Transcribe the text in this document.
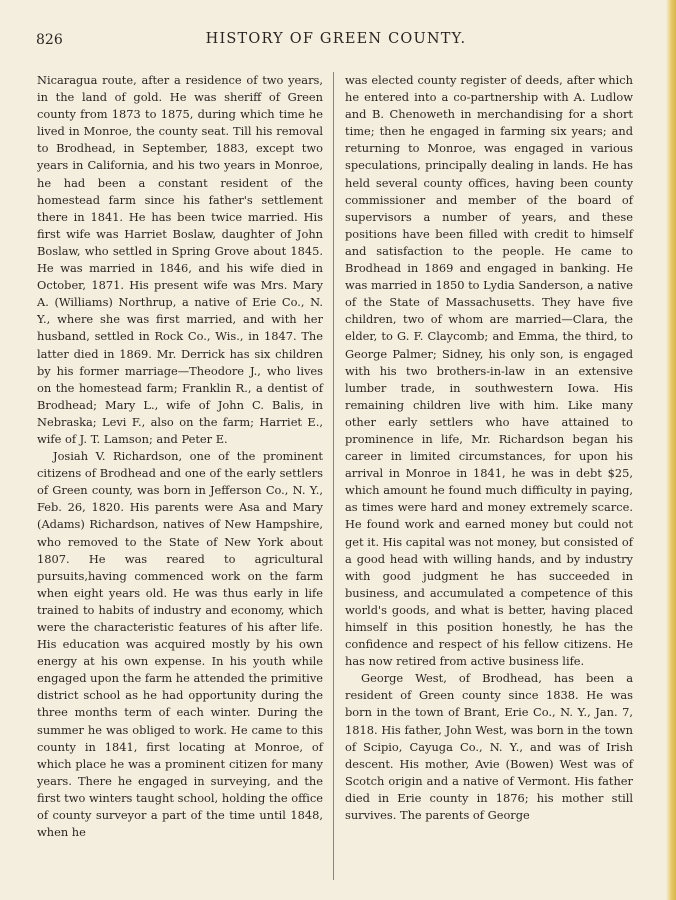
826	HISTORY OF GREEN COUNTY.

Nicaragua route, after a residence of two years, in the land of gold. He was sheriff of Green county from 1873 to 1875, during which time he lived in Monroe, the county seat. Till his removal to Brodhead, in September, 1883, except two years in California, and his two years in Monroe, he had been a constant resident of the homestead farm since his father's settlement there in 1841. He has been twice married. His first wife was Harriet Boslaw, daughter of John Boslaw, who settled in Spring Grove about 1845. He was married in 1846, and his wife died in October, 1871. His present wife was Mrs. Mary A. (Williams) Northrup, a native of Erie Co., N. Y., where she was first married, and with her husband, settled in Rock Co., Wis., in 1847. The latter died in 1869. Mr. Derrick has six children by his former marriage—Theodore J., who lives on the homestead farm; Franklin R., a dentist of Brodhead; Mary L., wife of John C. Balis, in Nebraska; Levi F., also on the farm; Harriet E., wife of J. T. Lamson; and Peter E.

Josiah V. Richardson, one of the prominent citizens of Brodhead and one of the early settlers of Green county, was born in Jefferson Co., N. Y., Feb. 26, 1820. His parents were Asa and Mary (Adams) Richardson, natives of New Hampshire, who removed to the State of New York about 1807. He was reared to agricultural pursuits,having commenced work on the farm when eight years old. He was thus early in life trained to habits of industry and economy, which were the characteristic features of his after life. His education was acquired mostly by his own energy at his own expense. In his youth while engaged upon the farm he attended the primitive district school as he had opportunity during the three months term of each winter. During the summer he was obliged to work. He came to this county in 1841, first locating at Monroe, of which place he was a prominent citizen for many years. There he engaged in surveying, and the first two winters taught school, holding the office of county surveyor a part of the time until 1848, when he

was elected county register of deeds, after which he entered into a co-partnership with A. Ludlow and B. Chenoweth in merchandising for a short time; then he engaged in farming six years; and returning to Monroe, was engaged in various speculations, principally dealing in lands. He has held several county offices, having been county commissioner and member of the board of supervisors a number of years, and these positions have been filled with credit to himself and satisfaction to the people. He came to Brodhead in 1869 and engaged in banking. He was married in 1850 to Lydia Sanderson, a native of the State of Massachusetts. They have five children, two of whom are married—Clara, the elder, to G. F. Claycomb; and Emma, the third, to George Palmer; Sidney, his only son, is engaged with his two brothers-in-law in an extensive lumber trade, in southwestern Iowa. His remaining children live with him. Like many other early settlers who have attained to prominence in life, Mr. Richardson began his career in limited circumstances, for upon his arrival in Monroe in 1841, he was in debt $25, which amount he found much difficulty in paying, as times were hard and money extremely scarce. He found work and earned money but could not get it. His capital was not money, but consisted of a good head with willing hands, and by industry with good judgment he has succeeded in business, and accumulated a competence of this world's goods, and what is better, having placed himself in this position honestly, he has the confidence and respect of his fellow citizens. He has now retired from active business life.

George West, of Brodhead, has been a resident of Green county since 1838. He was born in the town of Brant, Erie Co., N. Y., Jan. 7, 1818. His father, John West, was born in the town of Scipio, Cayuga Co., N. Y., and was of Irish descent. His mother, Avie (Bowen) West was of Scotch origin and a native of Vermont. His father died in Erie county in 1876; his mother still survives. The parents of George
